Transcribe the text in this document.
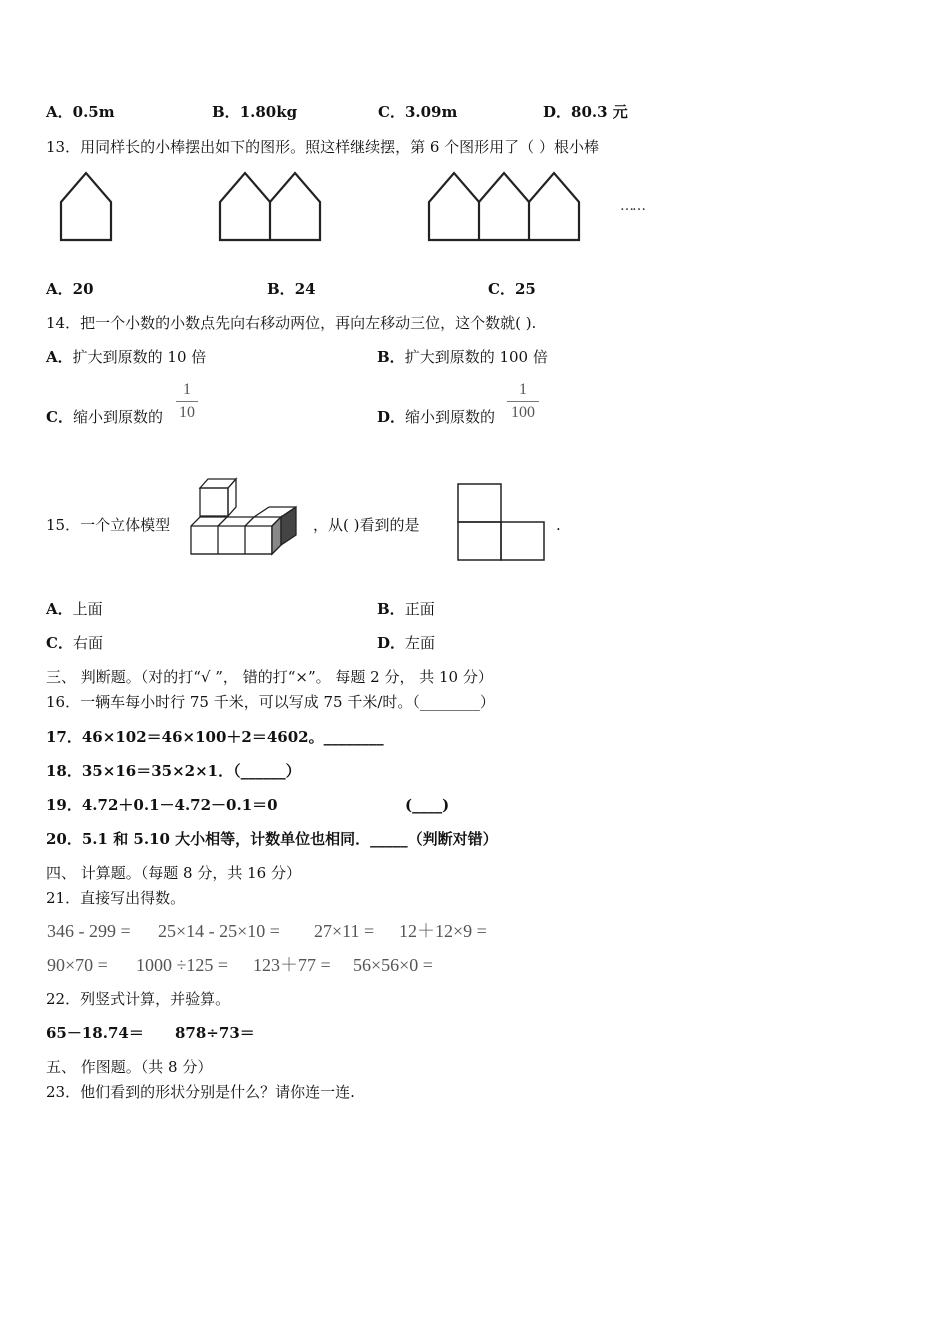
A．0.5m	B．1.80kg	C．3.09m	D．80.3 元
13．用同样长的小棒摆出如下的图形。照这样继续摆，第 6 个图形用了（ ）根小棒
……
A．20	B．24	C．25
14．把一个小数的小数点先向右移动两位，再向左移动三位，这个数就( ).
A．扩大到原数的 10 倍	B．扩大到原数的 100 倍
C．缩小到原数的
1
10	D．缩小到原数的
1
100
15．一个立体模型	，从( )看到的是	.
A．上面	B．正面
C．右面	D．左面
三、 判断题。（对的打“√ ”， 错的打“×”。 每题 2 分， 共 10 分）
16．一辆车每小时行 75 千米，可以写成 75 千米/时。（________）
17．46×102＝46×100＋2＝4602。________
18．35×16＝35×2×1．（______）
19．4.72＋0.1－4.72－0.1＝0	(____)
20．5.1 和 5.10 大小相等，计数单位也相同．_____（判断对错）
四、 计算题。（每题 8 分，共 16 分）
21．直接写出得数。
346 - 299 = 25×14 - 25×10 = 27×11 = 12＋12×9 =
90×70 = 1000 ÷125 = 123＋77 = 56×56×0 =
22．列竖式计算，并验算。
65－18.74＝ 878÷73＝
五、 作图题。（共 8 分）
23．他们看到的形状分别是什么？请你连一连.
